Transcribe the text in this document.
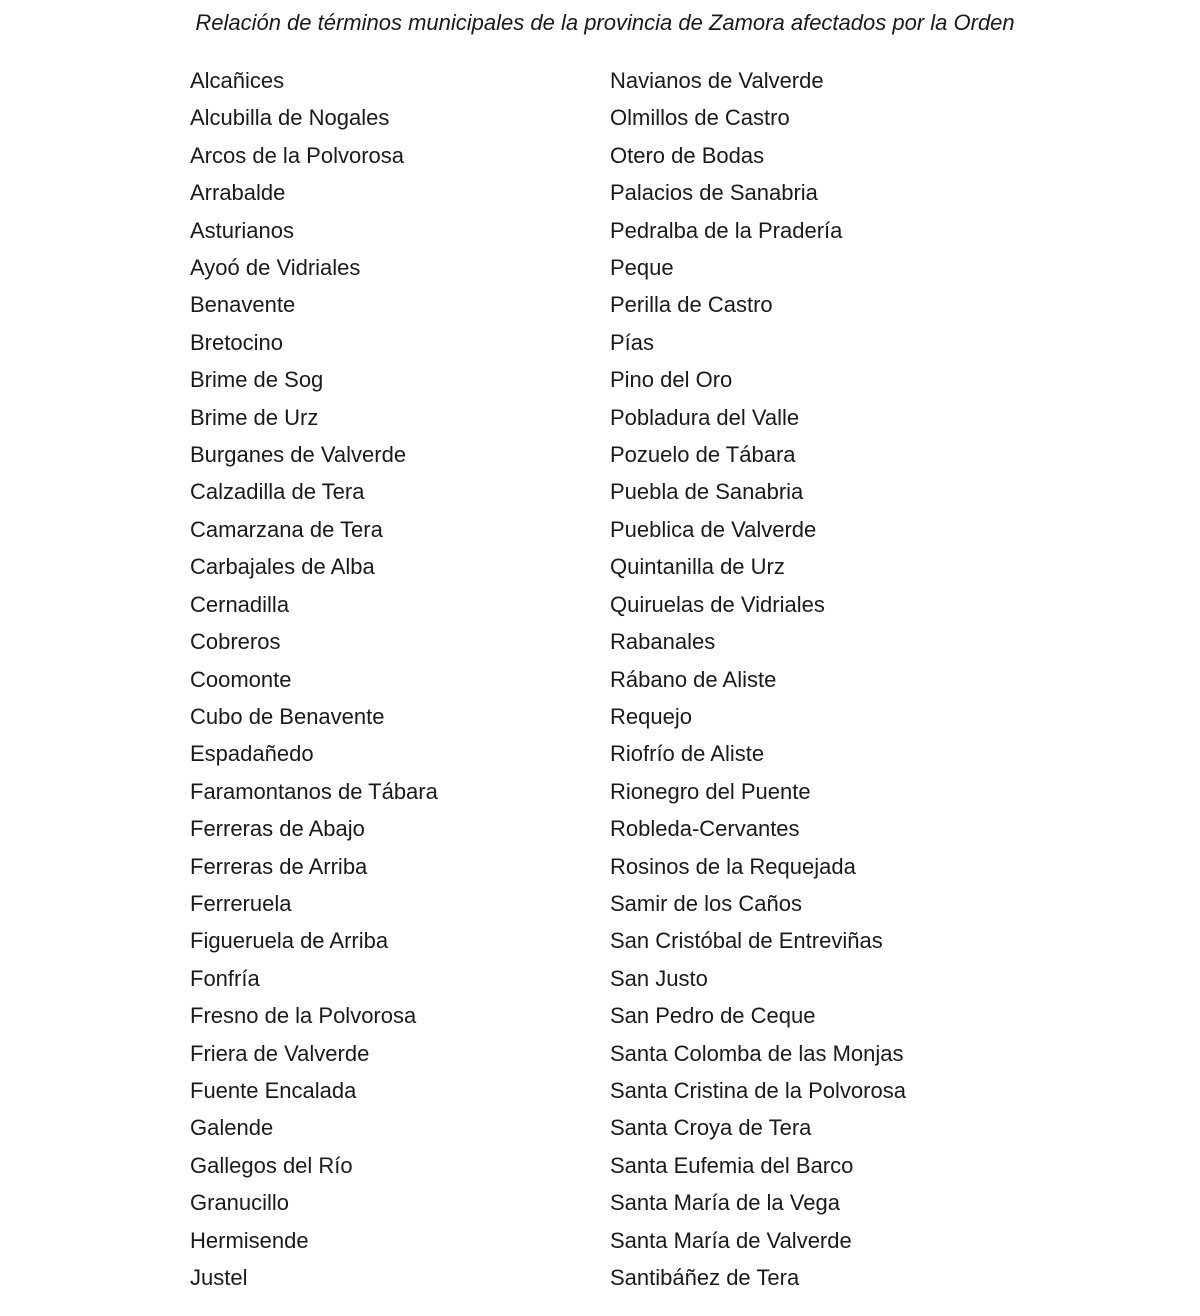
Relación de términos municipales de la provincia de Zamora afectados por la Orden
Alcañices
Alcubilla de Nogales
Arcos de la Polvorosa
Arrabalde
Asturianos
Ayoó de Vidriales
Benavente
Bretocino
Brime de Sog
Brime de Urz
Burganes de Valverde
Calzadilla de Tera
Camarzana de Tera
Carbajales de Alba
Cernadilla
Cobreros
Coomonte
Cubo de Benavente
Espadañedo
Faramontanos de Tábara
Ferreras de Abajo
Ferreras de Arriba
Ferreruela
Figueruela de Arriba
Fonfría
Fresno de la Polvorosa
Friera de Valverde
Fuente Encalada
Galende
Gallegos del Río
Granucillo
Hermisende
Justel
Navianos de Valverde
Olmillos de Castro
Otero de Bodas
Palacios de Sanabria
Pedralba de la Pradería
Peque
Perilla de Castro
Pías
Pino del Oro
Pobladura del Valle
Pozuelo de Tábara
Puebla de Sanabria
Pueblica de Valverde
Quintanilla de Urz
Quiruelas de Vidriales
Rabanales
Rábano de Aliste
Requejo
Riofrío de Aliste
Rionegro del Puente
Robleda-Cervantes
Rosinos de la Requejada
Samir de los Caños
San Cristóbal de Entreviñas
San Justo
San Pedro de Ceque
Santa Colomba de las Monjas
Santa Cristina de la Polvorosa
Santa Croya de Tera
Santa Eufemia del Barco
Santa María de la Vega
Santa María de Valverde
Santibáñez de Tera
